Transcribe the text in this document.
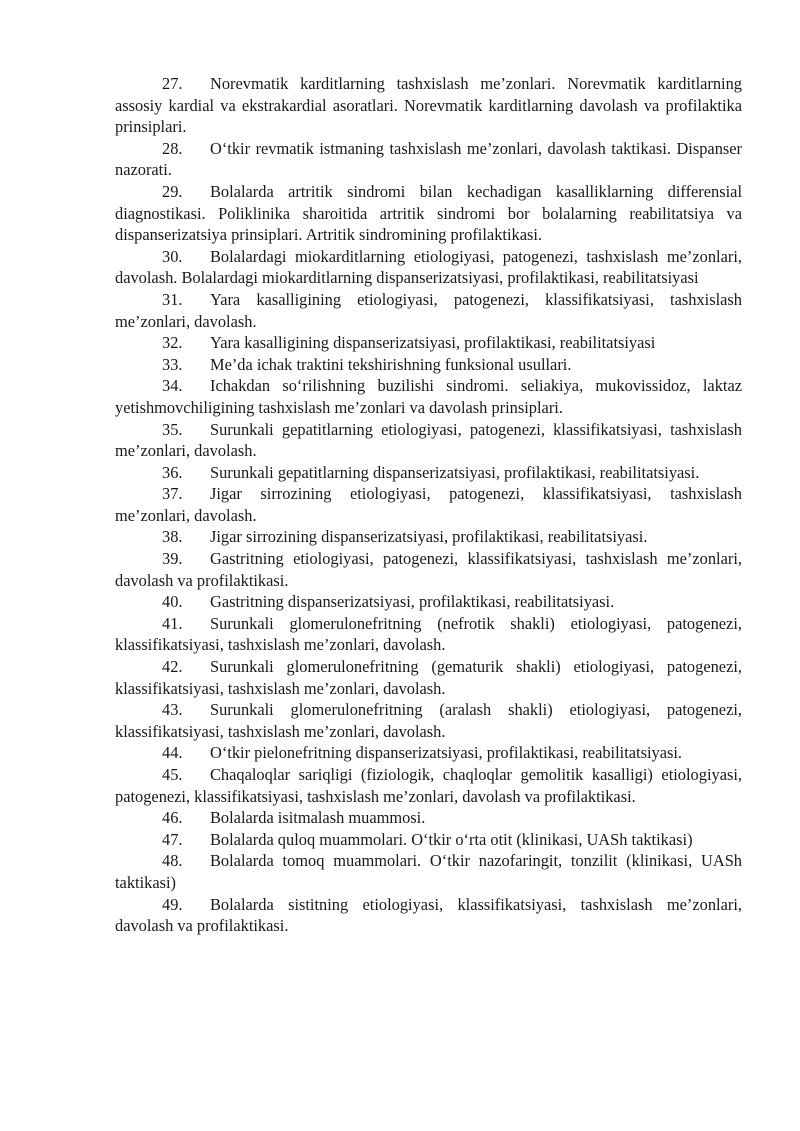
27. Norevmatik karditlarning tashxislash me’zonlari. Norevmatik karditlarning assosiy kardial va ekstrakardial asoratlari. Norevmatik karditlarning davolash va profilaktika prinsiplari.

28. O‘tkir revmatik istmaning tashxislash me’zonlari, davolash taktikasi. Dispanser nazorati.

29. Bolalarda artritik sindromi bilan kechadigan kasalliklarning differensial diagnostikasi. Poliklinika sharoitida artritik sindromi bor bolalarning reabilitatsiya va dispanserizatsiya prinsiplari. Artritik sindromining profilaktikasi.

30. Bolalardagi miokarditlarning etiologiyasi, patogenezi, tashxislash me’zonlari, davolash. Bolalardagi miokarditlarning dispanserizatsiyasi, profilaktikasi, reabilitatsiyasi

31. Yara kasalligining etiologiyasi, patogenezi, klassifikatsiyasi, tashxislash me’zonlari, davolash.

32. Yara kasalligining dispanserizatsiyasi, profilaktikasi, reabilitatsiyasi

33. Me’da ichak traktini tekshirishning funksional usullari.

34. Ichakdan so‘rilishning buzilishi sindromi. seliakiya, mukovissidoz, laktaz yetishmovchiligining tashxislash me’zonlari va davolash prinsiplari.

35. Surunkali gepatitlarning etiologiyasi, patogenezi, klassifikatsiyasi, tashxislash me’zonlari, davolash.

36. Surunkali gepatitlarning dispanserizatsiyasi, profilaktikasi, reabilitatsiyasi.

37. Jigar sirrozining etiologiyasi, patogenezi, klassifikatsiyasi, tashxislash me’zonlari, davolash.

38. Jigar sirrozining dispanserizatsiyasi, profilaktikasi, reabilitatsiyasi.

39. Gastritning etiologiyasi, patogenezi, klassifikatsiyasi, tashxislash me’zonlari, davolash va profilaktikasi.

40. Gastritning dispanserizatsiyasi, profilaktikasi, reabilitatsiyasi.

41. Surunkali glomerulonefritning (nefrotik shakli) etiologiyasi, patogenezi, klassifikatsiyasi, tashxislash me’zonlari, davolash.

42. Surunkali glomerulonefritning (gematurik shakli) etiologiyasi, patogenezi, klassifikatsiyasi, tashxislash me’zonlari, davolash.

43. Surunkali glomerulonefritning (aralash shakli) etiologiyasi, patogenezi, klassifikatsiyasi, tashxislash me’zonlari, davolash.

44. O‘tkir pielonefritning dispanserizatsiyasi, profilaktikasi, reabilitatsiyasi.

45. Chaqaloqlar sariqligi (fiziologik, chaqloqlar gemolitik kasalligi) etiologiyasi, patogenezi, klassifikatsiyasi, tashxislash me’zonlari, davolash va profilaktikasi.

46. Bolalarda isitmalash muammosi.

47. Bolalarda quloq muammolari. O‘tkir o‘rta otit (klinikasi, UASh taktikasi)

48. Bolalarda tomoq muammolari. O‘tkir nazofaringit, tonzilit (klinikasi, UASh taktikasi)

49. Bolalarda sistitning etiologiyasi, klassifikatsiyasi, tashxislash me’zonlari, davolash va profilaktikasi.
